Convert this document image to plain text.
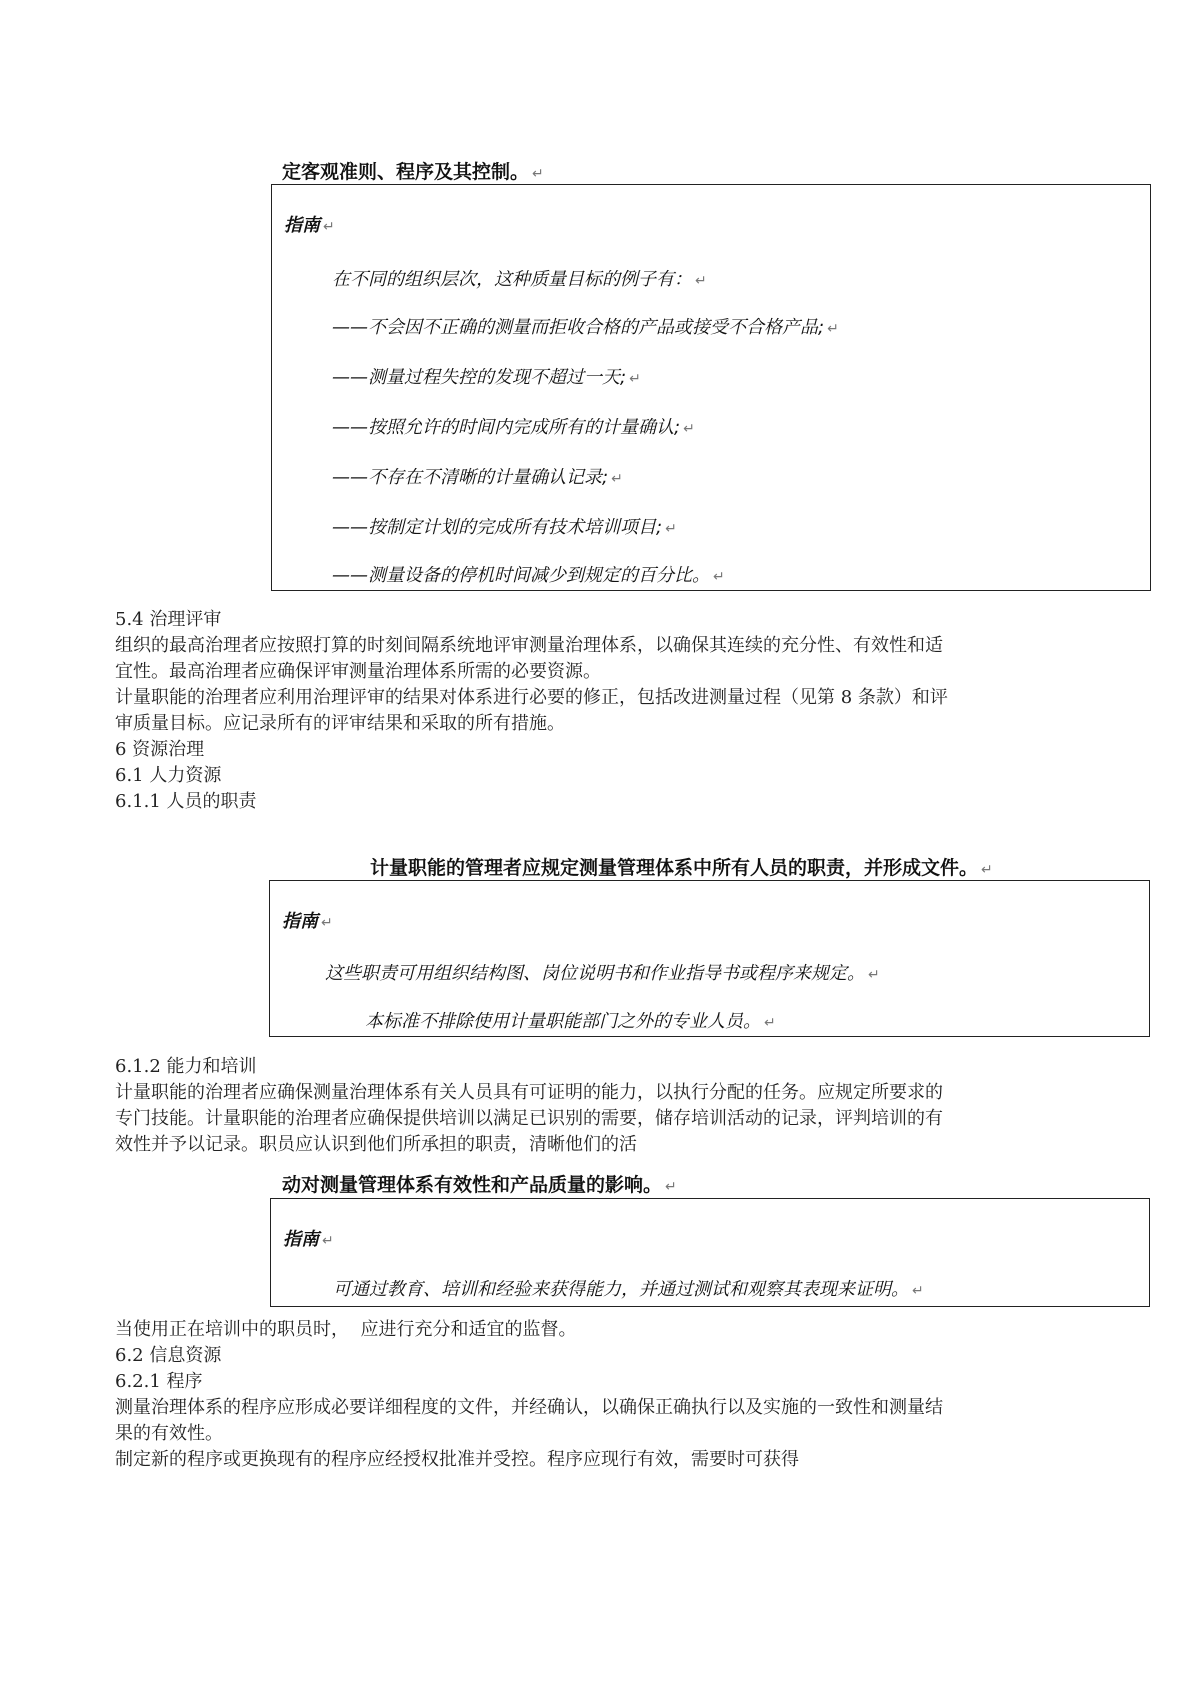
定客观准则、程序及其控制。 ↵
指南 ↵
在不同的组织层次，这种质量目标的例子有： ↵
——不会因不正确的测量而拒收合格的产品或接受不合格产品; ↵
——测量过程失控的发现不超过一天; ↵
——按照允许的时间内完成所有的计量确认; ↵
——不存在不清晰的计量确认记录; ↵
——按制定计划的完成所有技术培训项目; ↵
——测量设备的停机时间减少到规定的百分比。 ↵
5.4 治理评审
组织的最高治理者应按照打算的时刻间隔系统地评审测量治理体系，以确保其连续的充分性、有效性和适
宜性。最高治理者应确保评审测量治理体系所需的必要资源。
计量职能的治理者应利用治理评审的结果对体系进行必要的修正，包括改进测量过程（见第 8 条款）和评
审质量目标。应记录所有的评审结果和采取的所有措施。
6 资源治理
6.1 人力资源
6.1.1 人员的职责
计量职能的管理者应规定测量管理体系中所有人员的职责，并形成文件。 ↵
指南 ↵
这些职责可用组织结构图、岗位说明书和作业指导书或程序来规定。 ↵
本标准不排除使用计量职能部门之外的专业人员。 ↵
6.1.2 能力和培训
计量职能的治理者应确保测量治理体系有关人员具有可证明的能力，以执行分配的任务。应规定所要求的
专门技能。计量职能的治理者应确保提供培训以满足已识别的需要，储存培训活动的记录，评判培训的有
效性并予以记录。职员应认识到他们所承担的职责，清晰他们的活
动对测量管理体系有效性和产品质量的影响。 ↵
指南 ↵
可通过教育、培训和经验来获得能力，并通过测试和观察其表现来证明。 ↵
当使用正在培训中的职员时，  应进行充分和适宜的监督。
6.2 信息资源
6.2.1 程序
测量治理体系的程序应形成必要详细程度的文件，并经确认，以确保正确执行以及实施的一致性和测量结
果的有效性。
制定新的程序或更换现有的程序应经授权批准并受控。程序应现行有效，需要时可获得
